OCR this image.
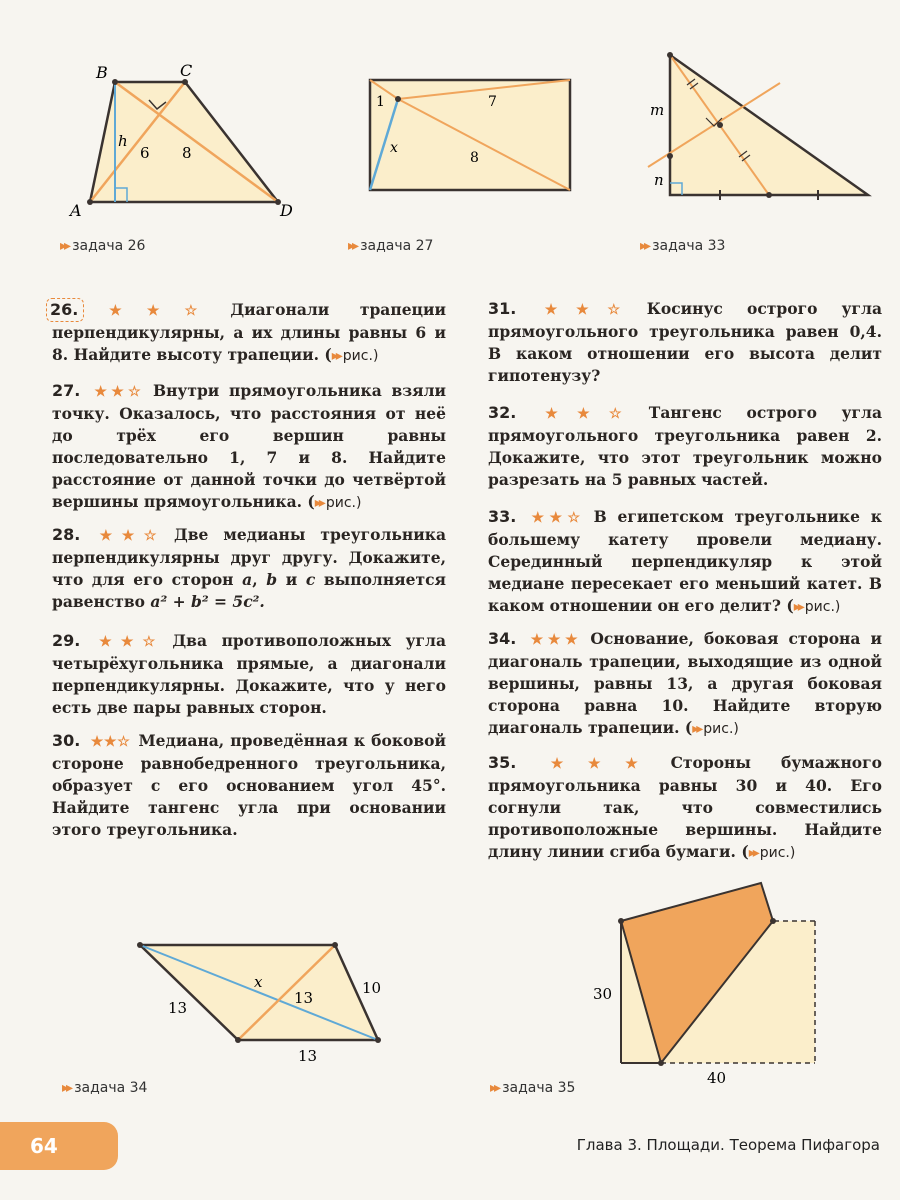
B	C
A	D
h
6 8
▸▸ задача 26
1	7
8
x
▸▸ задача 27
m
n
▸▸ задача 33
26. ★★☆ Диагонали трапеции перпендикулярны, а их длины равны 6 и 8. Найдите высоту трапеции. (▸▸ рис.)
27. ★★☆ Внутри прямоугольника взяли точку. Оказалось, что расстояния от неё до трёх его вершин равны последовательно 1, 7 и 8. Найдите расстояние от данной точки до четвёртой вершины прямоугольника. (▸▸ рис.)
28. ★★☆ Две медианы треугольника перпендикулярны друг другу. Докажите, что для его сторон a, b и c выполняется равенство a² + b² = 5c².
29. ★★☆ Два противоположных угла четырёхугольника прямые, а диагонали перпендикулярны. Докажите, что у него есть две пары равных сторон.
30. ★★☆ Медиана, проведённая к боковой стороне равнобедренного треугольника, образует с его основанием угол 45°. Найдите тангенс угла при основании этого треугольника.
31. ★★☆ Косинус острого угла прямоугольного треугольника равен 0,4. В каком отношении его высота делит гипотенузу?
32. ★★☆ Тангенс острого угла прямоугольного треугольника равен 2. Докажите, что этот треугольник можно разрезать на 5 равных частей.
33. ★★☆ В египетском треугольнике к большему катету провели медиану. Серединный перпендикуляр к этой медиане пересекает его меньший катет. В каком отношении он его делит? (▸▸ рис.)
34. ★★★ Основание, боковая сторона и диагональ трапеции, выходящие из одной вершины, равны 13, а другая боковая сторона равна 10. Найдите вторую диагональ трапеции. (▸▸ рис.)
35. ★★★ Стороны бумажного прямоугольника равны 30 и 40. Его согнули так, что совместились противоположные вершины. Найдите длину линии сгиба бумаги. (▸▸ рис.)
x
13
13
10
13
▸▸ задача 34
30
40
▸▸ задача 35
64	Глава 3. Площади. Теорема Пифагора
